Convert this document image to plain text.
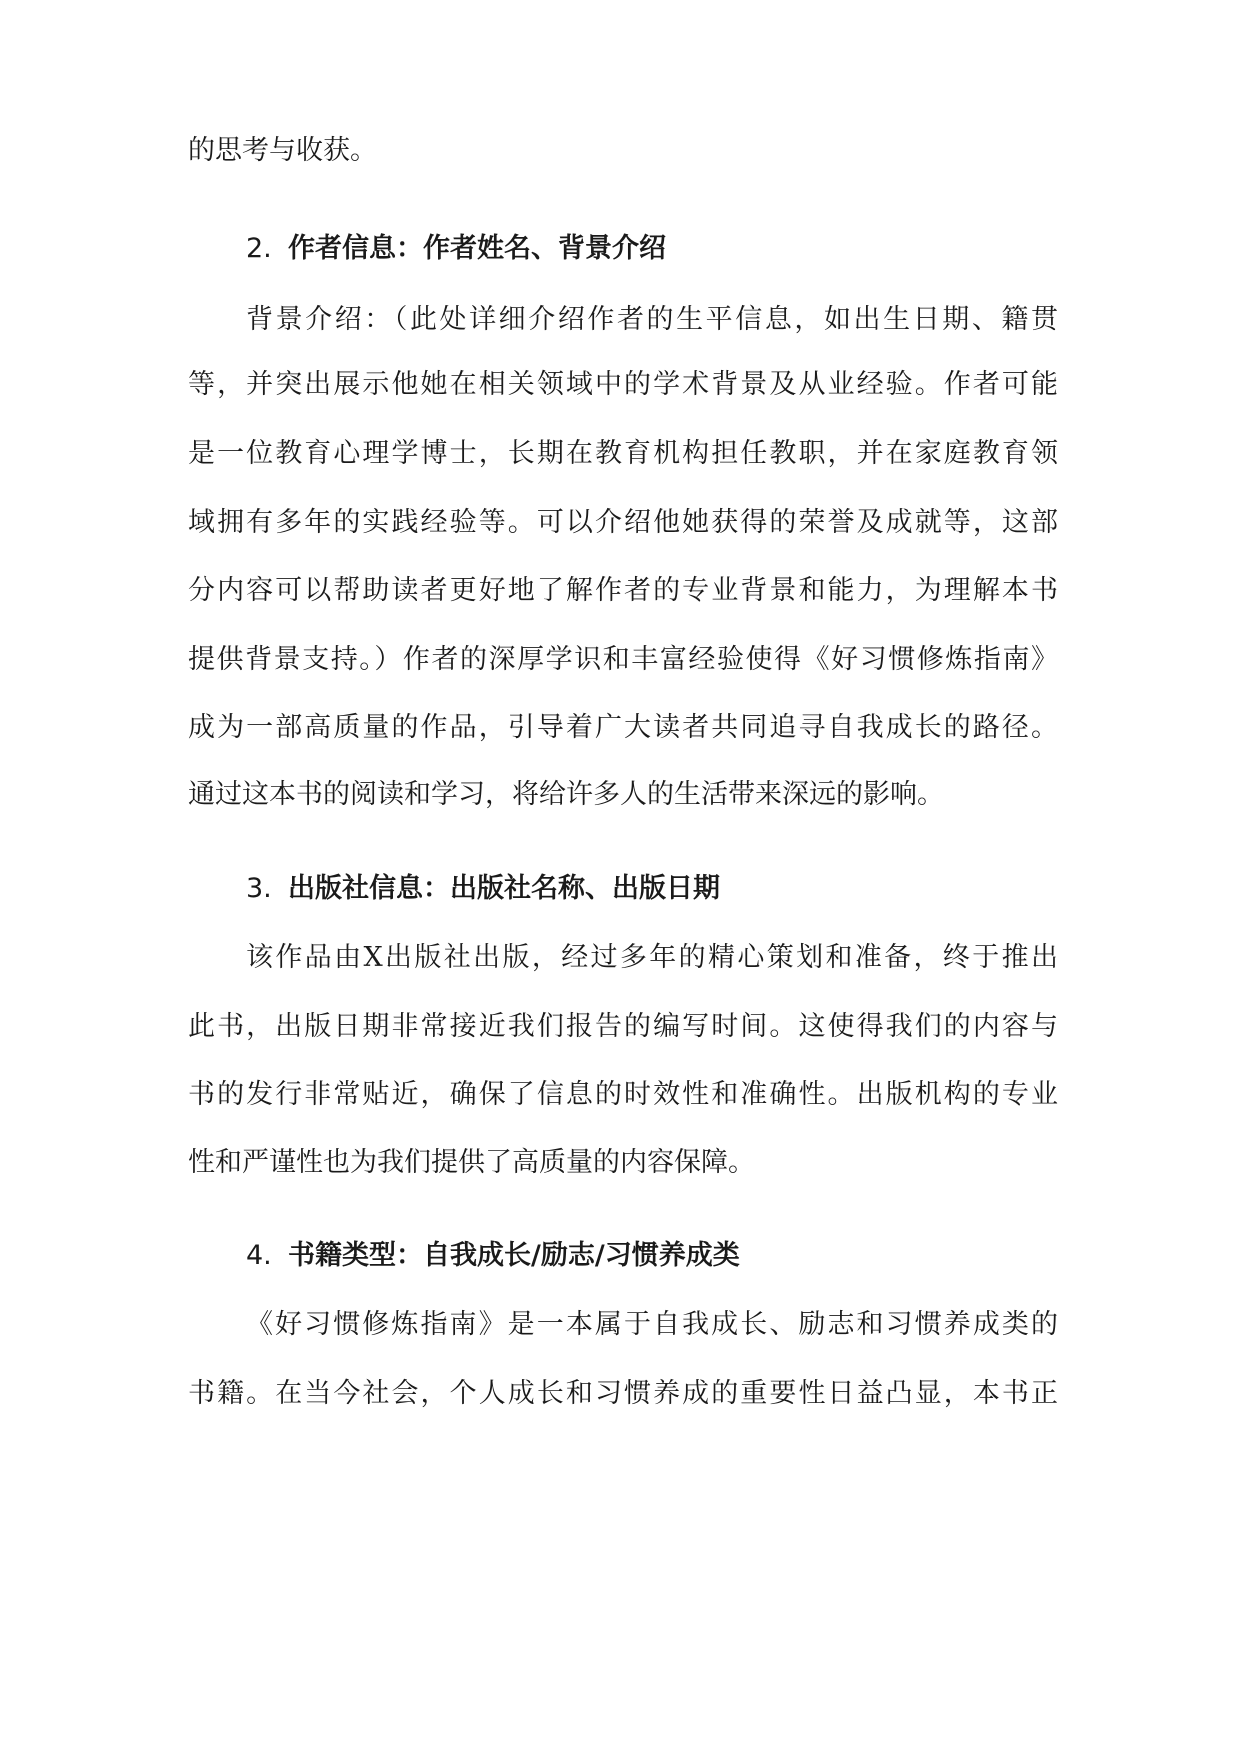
的思考与收获。
2. 作者信息：作者姓名、背景介绍
背景介绍：（此处详细介绍作者的生平信息，如出生日期、籍贯
等，并突出展示他她在相关领域中的学术背景及从业经验。作者可能
是一位教育心理学博士，长期在教育机构担任教职，并在家庭教育领
域拥有多年的实践经验等。可以介绍他她获得的荣誉及成就等，这部
分内容可以帮助读者更好地了解作者的专业背景和能力，为理解本书
提供背景支持。）作者的深厚学识和丰富经验使得《好习惯修炼指南》
成为一部高质量的作品，引导着广大读者共同追寻自我成长的路径。
通过这本书的阅读和学习，将给许多人的生活带来深远的影响。
3. 出版社信息：出版社名称、出版日期
该作品由X出版社出版，经过多年的精心策划和准备，终于推出
此书，出版日期非常接近我们报告的编写时间。这使得我们的内容与
书的发行非常贴近，确保了信息的时效性和准确性。出版机构的专业
性和严谨性也为我们提供了高质量的内容保障。
4. 书籍类型：自我成长/励志/习惯养成类
《好习惯修炼指南》是一本属于自我成长、励志和习惯养成类的
书籍。在当今社会，个人成长和习惯养成的重要性日益凸显，本书正
